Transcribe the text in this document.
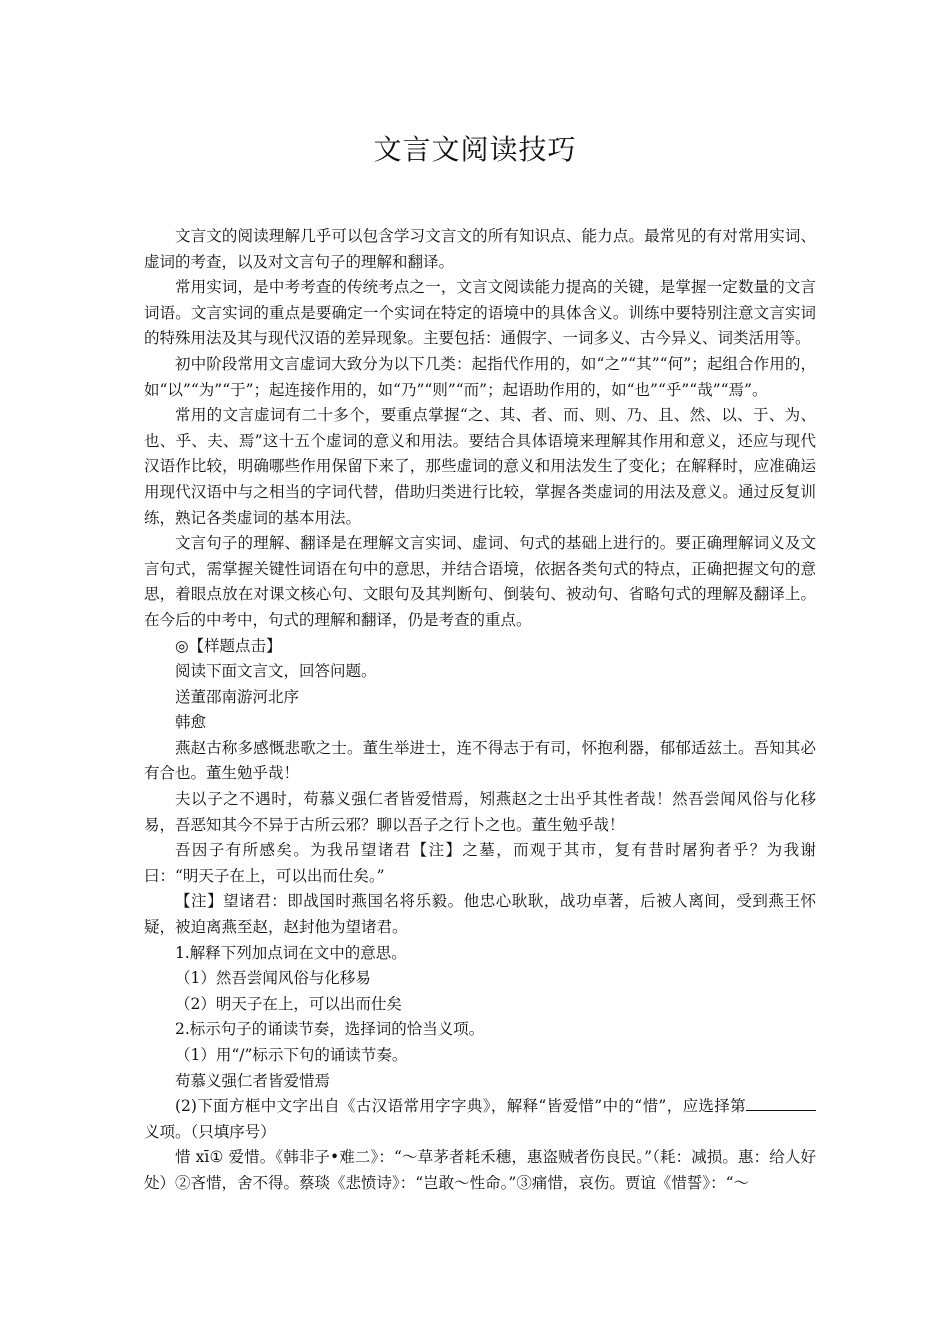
文言文阅读技巧

文言文的阅读理解几乎可以包含学习文言文的所有知识点、能力点。最常见的有对常用实词、虚词的考查，以及对文言句子的理解和翻译。

常用实词，是中考考查的传统考点之一，文言文阅读能力提高的关键，是掌握一定数量的文言词语。文言实词的重点是要确定一个实词在特定的语境中的具体含义。训练中要特别注意文言实词的特殊用法及其与现代汉语的差异现象。主要包括：通假字、一词多义、古今异义、词类活用等。

初中阶段常用文言虚词大致分为以下几类：起指代作用的，如“之”“其”“何”；起组合作用的，如“以”“为”“于”；起连接作用的，如“乃”“则”“而”；起语助作用的，如“也”“乎”“哉”“焉”。

常用的文言虚词有二十多个，要重点掌握“之、其、者、而、则、乃、且、然、以、于、为、也、乎、夫、焉”这十五个虚词的意义和用法。要结合具体语境来理解其作用和意义，还应与现代汉语作比较，明确哪些作用保留下来了，那些虚词的意义和用法发生了变化；在解释时，应准确运用现代汉语中与之相当的字词代替，借助归类进行比较，掌握各类虚词的用法及意义。通过反复训练，熟记各类虚词的基本用法。

文言句子的理解、翻译是在理解文言实词、虚词、句式的基础上进行的。要正确理解词义及文言句式，需掌握关键性词语在句中的意思，并结合语境，依据各类句式的特点，正确把握文句的意思，着眼点放在对课文核心句、文眼句及其判断句、倒装句、被动句、省略句式的理解及翻译上。在今后的中考中，句式的理解和翻译，仍是考查的重点。

◎【样题点击】

阅读下面文言文，回答问题。

送董邵南游河北序

韩愈

燕赵古称多感慨悲歌之士。董生举进士，连不得志于有司，怀抱利器，郁郁适兹土。吾知其必有合也。董生勉乎哉！

夫以子之不遇时，苟慕义强仁者皆爱惜焉，矧燕赵之士出乎其性者哉！然吾尝闻风俗与化移易，吾恶知其今不异于古所云邪？聊以吾子之行卜之也。董生勉乎哉！

吾因子有所感矣。为我吊望诸君【注】之墓，而观于其市，复有昔时屠狗者乎？为我谢曰：“明天子在上，可以出而仕矣。”

【注】望诸君：即战国时燕国名将乐毅。他忠心耿耿，战功卓著，后被人离间，受到燕王怀疑，被迫离燕至赵，赵封他为望诸君。

1.解释下列加点词在文中的意思。

（1）然吾尝闻风俗与化移易

（2）明天子在上，可以出而仕矣

2.标示句子的诵读节奏，选择词的恰当义项。

（1）用“/”标示下句的诵读节奏。

苟慕义强仁者皆爱惜焉

(2)下面方框中文字出自《古汉语常用字字典》，解释“皆爱惜”中的“惜”，应选择第义项。（只填序号）

惜 xī① 爱惜。《韩非子•难二》：“～草茅者耗禾穗，惠盗贼者伤良民。”（耗：减损。惠：给人好处）②吝惜，舍不得。蔡琰《悲愤诗》：“岂敢～性命。”③痛惜，哀伤。贾谊《惜誓》：“～
